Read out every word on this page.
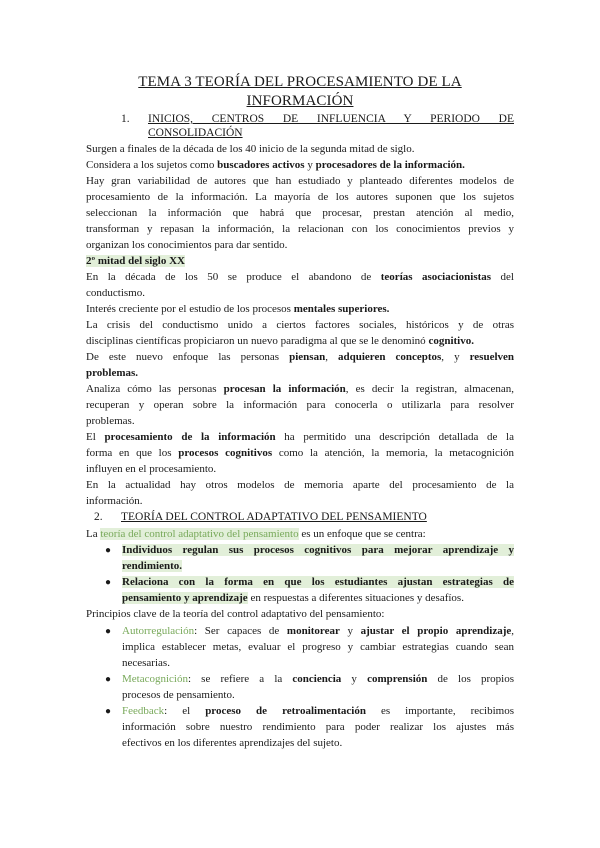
TEMA 3 TEORÍA DEL PROCESAMIENTO DE LA
INFORMACIÓN
1. INICIOS, CENTROS DE INFLUENCIA Y PERIODO DE
CONSOLIDACIÓN
Surgen a finales de la década de los 40 inicio de la segunda mitad de siglo.
Considera a los sujetos como buscadores activos y procesadores de la información.
Hay gran variabilidad de autores que han estudiado y planteado diferentes modelos de
procesamiento de la información. La mayoría de los autores suponen que los sujetos
seleccionan la información que habrá que procesar, prestan atención al medio,
transforman y repasan la información, la relacionan con los conocimientos previos y
organizan los conocimientos para dar sentido.
2º mitad del siglo XX
En la década de los 50 se produce el abandono de teorías asociacionistas del
conductismo.
Interés creciente por el estudio de los procesos mentales superiores.
La crisis del conductismo unido a ciertos factores sociales, históricos y de otras
disciplinas científicas propiciaron un nuevo paradigma al que se le denominó cognitivo.
De este nuevo enfoque las personas piensan, adquieren conceptos, y resuelven
problemas.
Analiza cómo las personas procesan la información, es decir la registran, almacenan,
recuperan y operan sobre la información para conocerla o utilizarla para resolver
problemas.
El procesamiento de la información ha permitido una descripción detallada de la
forma en que los procesos cognitivos como la atención, la memoria, la metacognición
influyen en el procesamiento.
En la actualidad hay otros modelos de memoria aparte del procesamiento de la
información.
2. TEORÍA DEL CONTROL ADAPTATIVO DEL PENSAMIENTO
La teoría del control adaptativo del pensamiento es un enfoque que se centra:
● Individuos regulan sus procesos cognitivos para mejorar aprendizaje y
rendimiento.
● Relaciona con la forma en que los estudiantes ajustan estrategias de
pensamiento y aprendizaje en respuestas a diferentes situaciones y desafíos.
Principios clave de la teoría del control adaptativo del pensamiento:
● Autorregulación: Ser capaces de monitorear y ajustar el propio aprendizaje,
implica establecer metas, evaluar el progreso y cambiar estrategias cuando sean
necesarias.
● Metacognición: se refiere a la conciencia y comprensión de los propios
procesos de pensamiento.
● Feedback: el proceso de retroalimentación es importante, recibimos
información sobre nuestro rendimiento para poder realizar los ajustes más
efectivos en los diferentes aprendizajes del sujeto.
